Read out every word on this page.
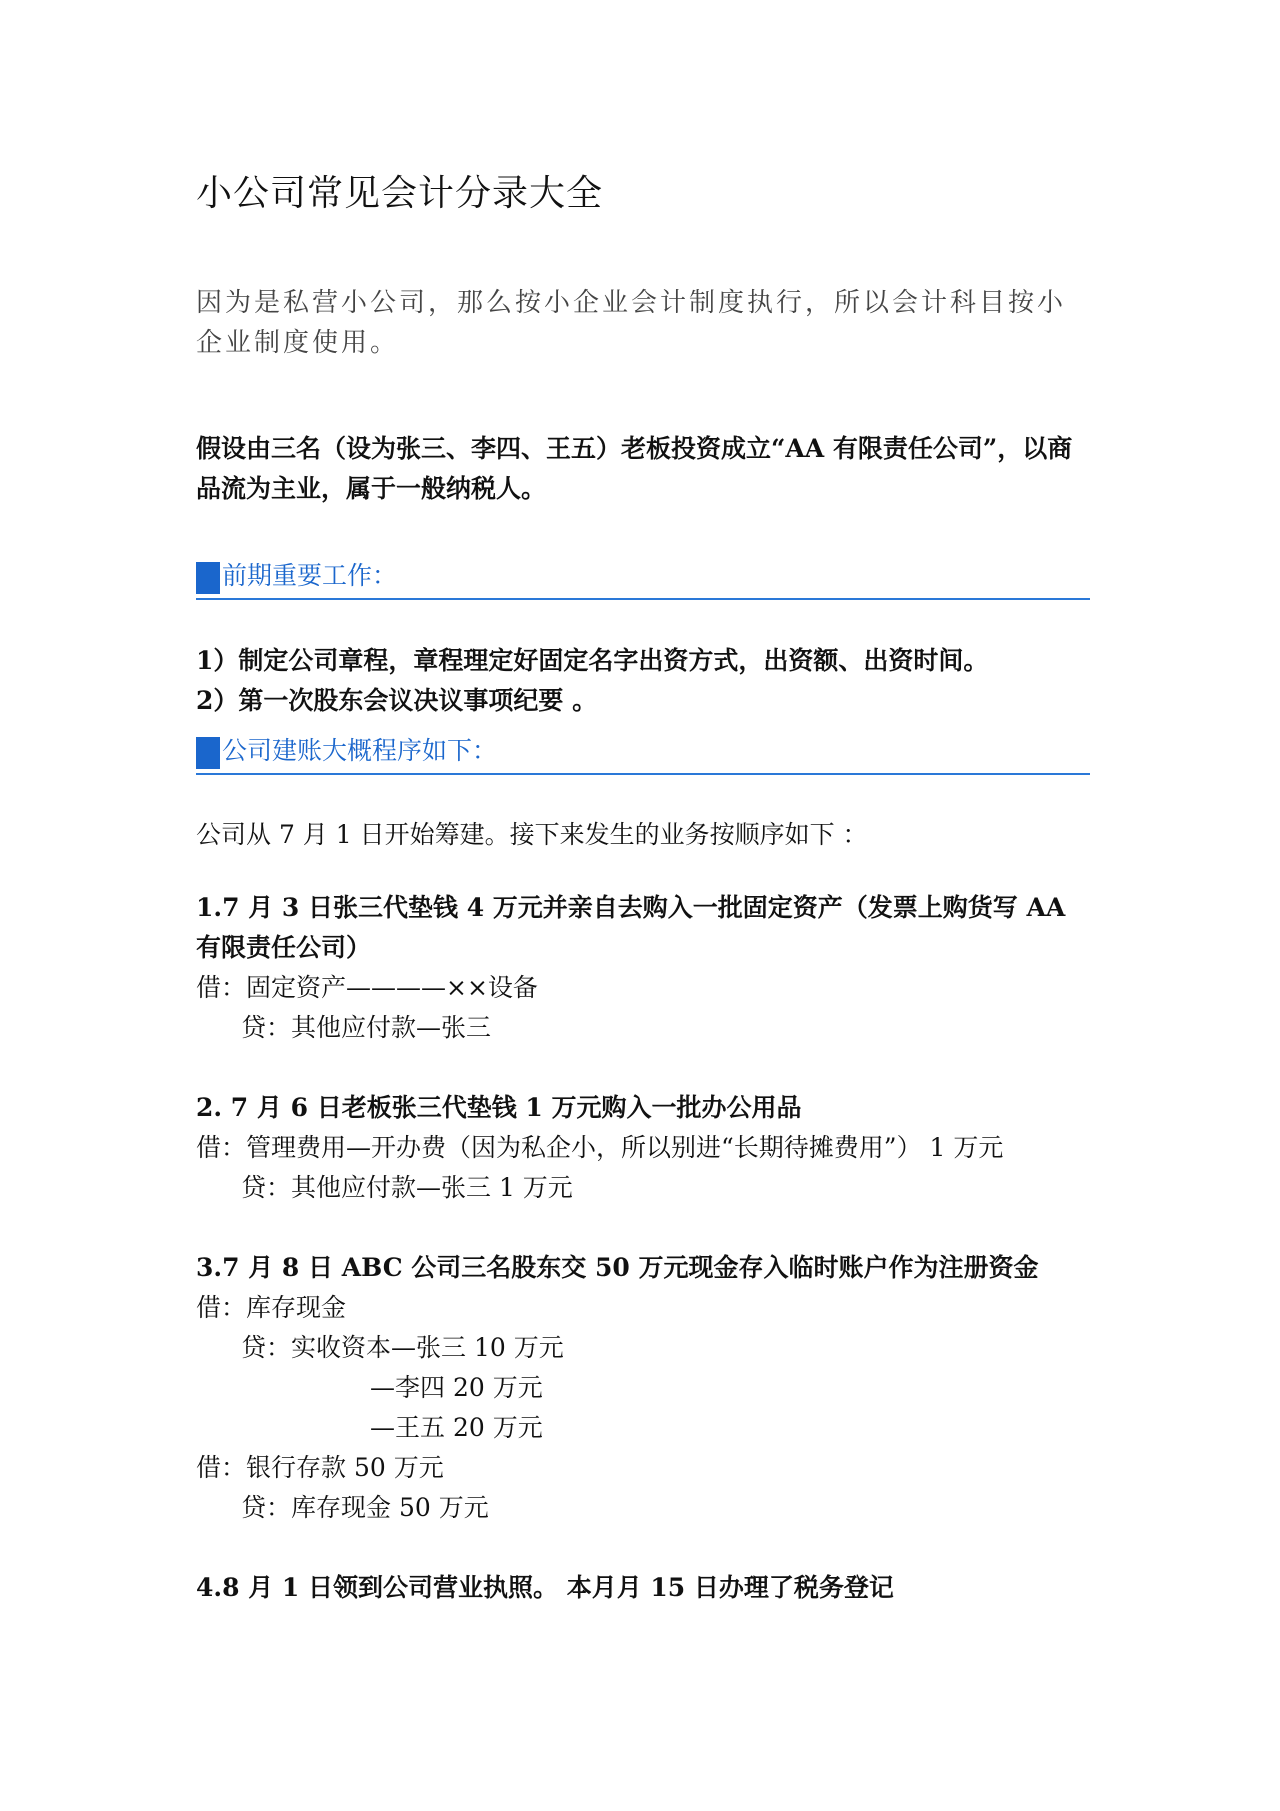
小公司常见会计分录大全
因为是私营小公司，那么按小企业会计制度执行，所以会计科目按小企业制度使用。
假设由三名（设为张三、李四、王五）老板投资成立“AA 有限责任公司”，以商品流为主业，属于一般纳税人。
前期重要工作：
1）制定公司章程，章程理定好固定名字出资方式，出资额、出资时间。
2）第一次股东会议决议事项纪要 。
公司建账大概程序如下：
公司从 7 月 1 日开始筹建。接下来发生的业务按顺序如下 ：
1.7 月 3 日张三代垫钱 4 万元并亲自去购入一批固定资产（发票上购货写 AA 有限责任公司）
借：固定资产————××设备
贷：其他应付款—张三
2. 7 月 6 日老板张三代垫钱 1 万元购入一批办公用品
借：管理费用—开办费（因为私企小，所以别进“长期待摊费用”） 1 万元
贷：其他应付款—张三 1 万元
3.7 月 8 日 ABC 公司三名股东交 50 万元现金存入临时账户作为注册资金
借：库存现金
贷：实收资本—张三 10 万元
—李四 20 万元
—王五 20 万元
借：银行存款 50 万元
贷：库存现金 50 万元
4.8 月 1 日领到公司营业执照。 本月月 15 日办理了税务登记
